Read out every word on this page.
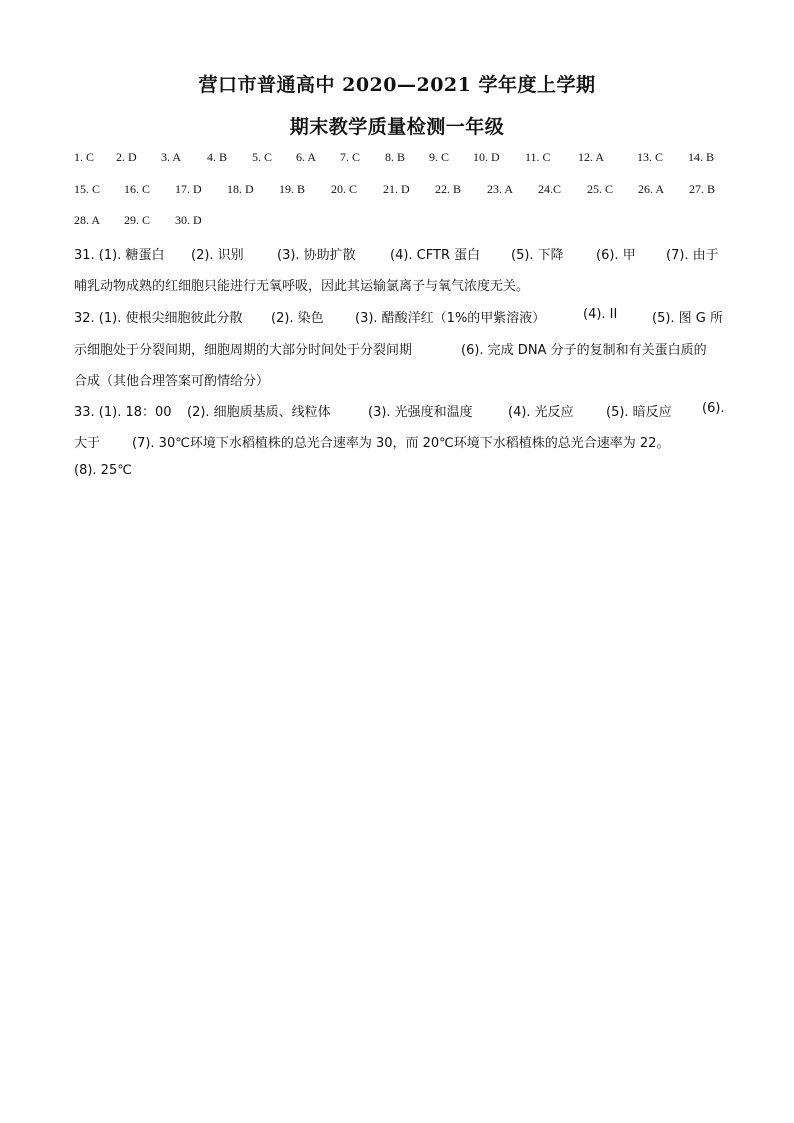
营口市普通高中 2020—2021 学年度上学期
期末教学质量检测一年级
1. C 2. D 3. A 4. B 5. C 6. A 7. C 8. B 9. C 10. D 11. C 12. A	13. C 14. B
15. C 16. C 17. D 18. D 19. B 20. C 21. D 22. B 23. A 24.C 25. C 26. A 27. B
28. A 29. C 30. D
31. (1). 糖蛋白 (2). 识别	(3). 协助扩散	(4). CFTR 蛋白 (5). 下降 (6). 甲 (7). 由于
哺乳动物成熟的红细胞只能进行无氧呼吸，因此其运输氯离子与氧气浓度无关。
32. (1). 使根尖细胞彼此分散 (2). 染色 (3). 醋酸洋红（1%的甲紫溶液）	(4). II	(5). 图 G 所
示细胞处于分裂间期，细胞周期的大部分时间处于分裂间期	(6). 完成 DNA 分子的复制和有关蛋白质的
合成（其他合理答案可酌情给分）
33. (1). 18：00 (2). 细胞质基质、线粒体	(3). 光强度和温度	(4). 光反应 (5). 暗反应 (6).
大于 (7). 30℃环境下水稻植株的总光合速率为 30，而 20℃环境下水稻植株的总光合速率为 22。
(8). 25℃
